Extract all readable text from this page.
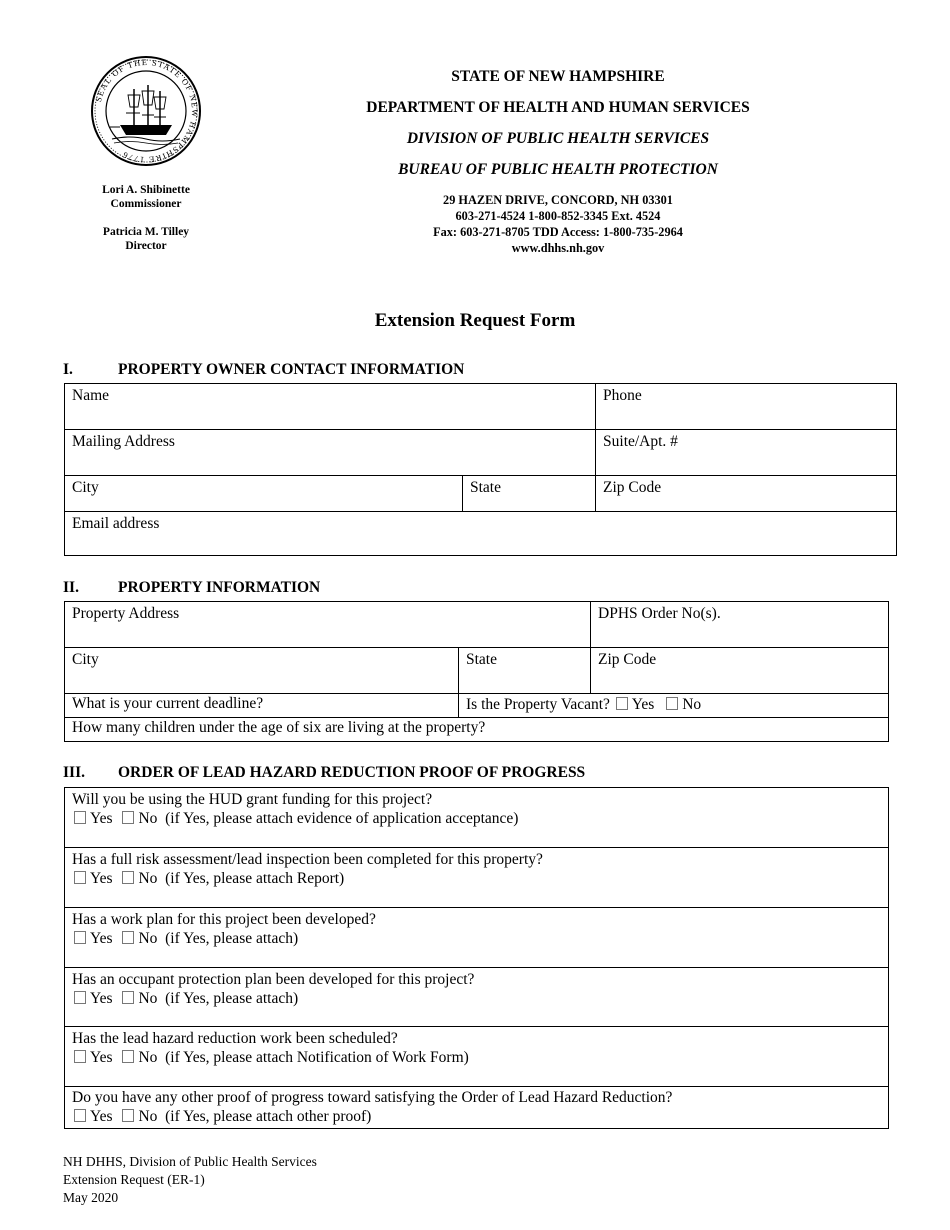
SEAL OF THE STATE OF NEW HAMPSHIRE 1776
Lori A. Shibinette
Commissioner
Patricia M. Tilley
Director
STATE OF NEW HAMPSHIRE
DEPARTMENT OF HEALTH AND HUMAN SERVICES
DIVISION OF PUBLIC HEALTH SERVICES
BUREAU OF PUBLIC HEALTH PROTECTION
29 HAZEN DRIVE, CONCORD, NH 03301
603-271-4524 1-800-852-3345 Ext. 4524
Fax: 603-271-8705 TDD Access: 1-800-735-2964
www.dhhs.nh.gov
Extension Request Form
I.	PROPERTY OWNER CONTACT INFORMATION
Name		Phone
Mailing Address		Suite/Apt. #
City	State	Zip Code
Email address		
II.	PROPERTY INFORMATION
Property Address		DPHS Order No(s).
City	State	Zip Code
What is your current deadline?	Is the Property Vacant? Yes No	
How many children under the age of six are living at the property?		
III. ORDER OF LEAD HAZARD REDUCTION PROOF OF PROGRESS
Will you be using the HUD grant funding for this project?
Yes No (if Yes, please attach evidence of application acceptance)

Has a full risk assessment/lead inspection been completed for this property?
Yes No (if Yes, please attach Report)

Has a work plan for this project been developed?
Yes No (if Yes, please attach)

Has an occupant protection plan been developed for this project?
Yes No (if Yes, please attach)

Has the lead hazard reduction work been scheduled?
Yes No (if Yes, please attach Notification of Work Form)

Do you have any other proof of progress toward satisfying the Order of Lead Hazard Reduction?
Yes No (if Yes, please attach other proof)
NH DHHS, Division of Public Health Services
Extension Request (ER-1)
May 2020
